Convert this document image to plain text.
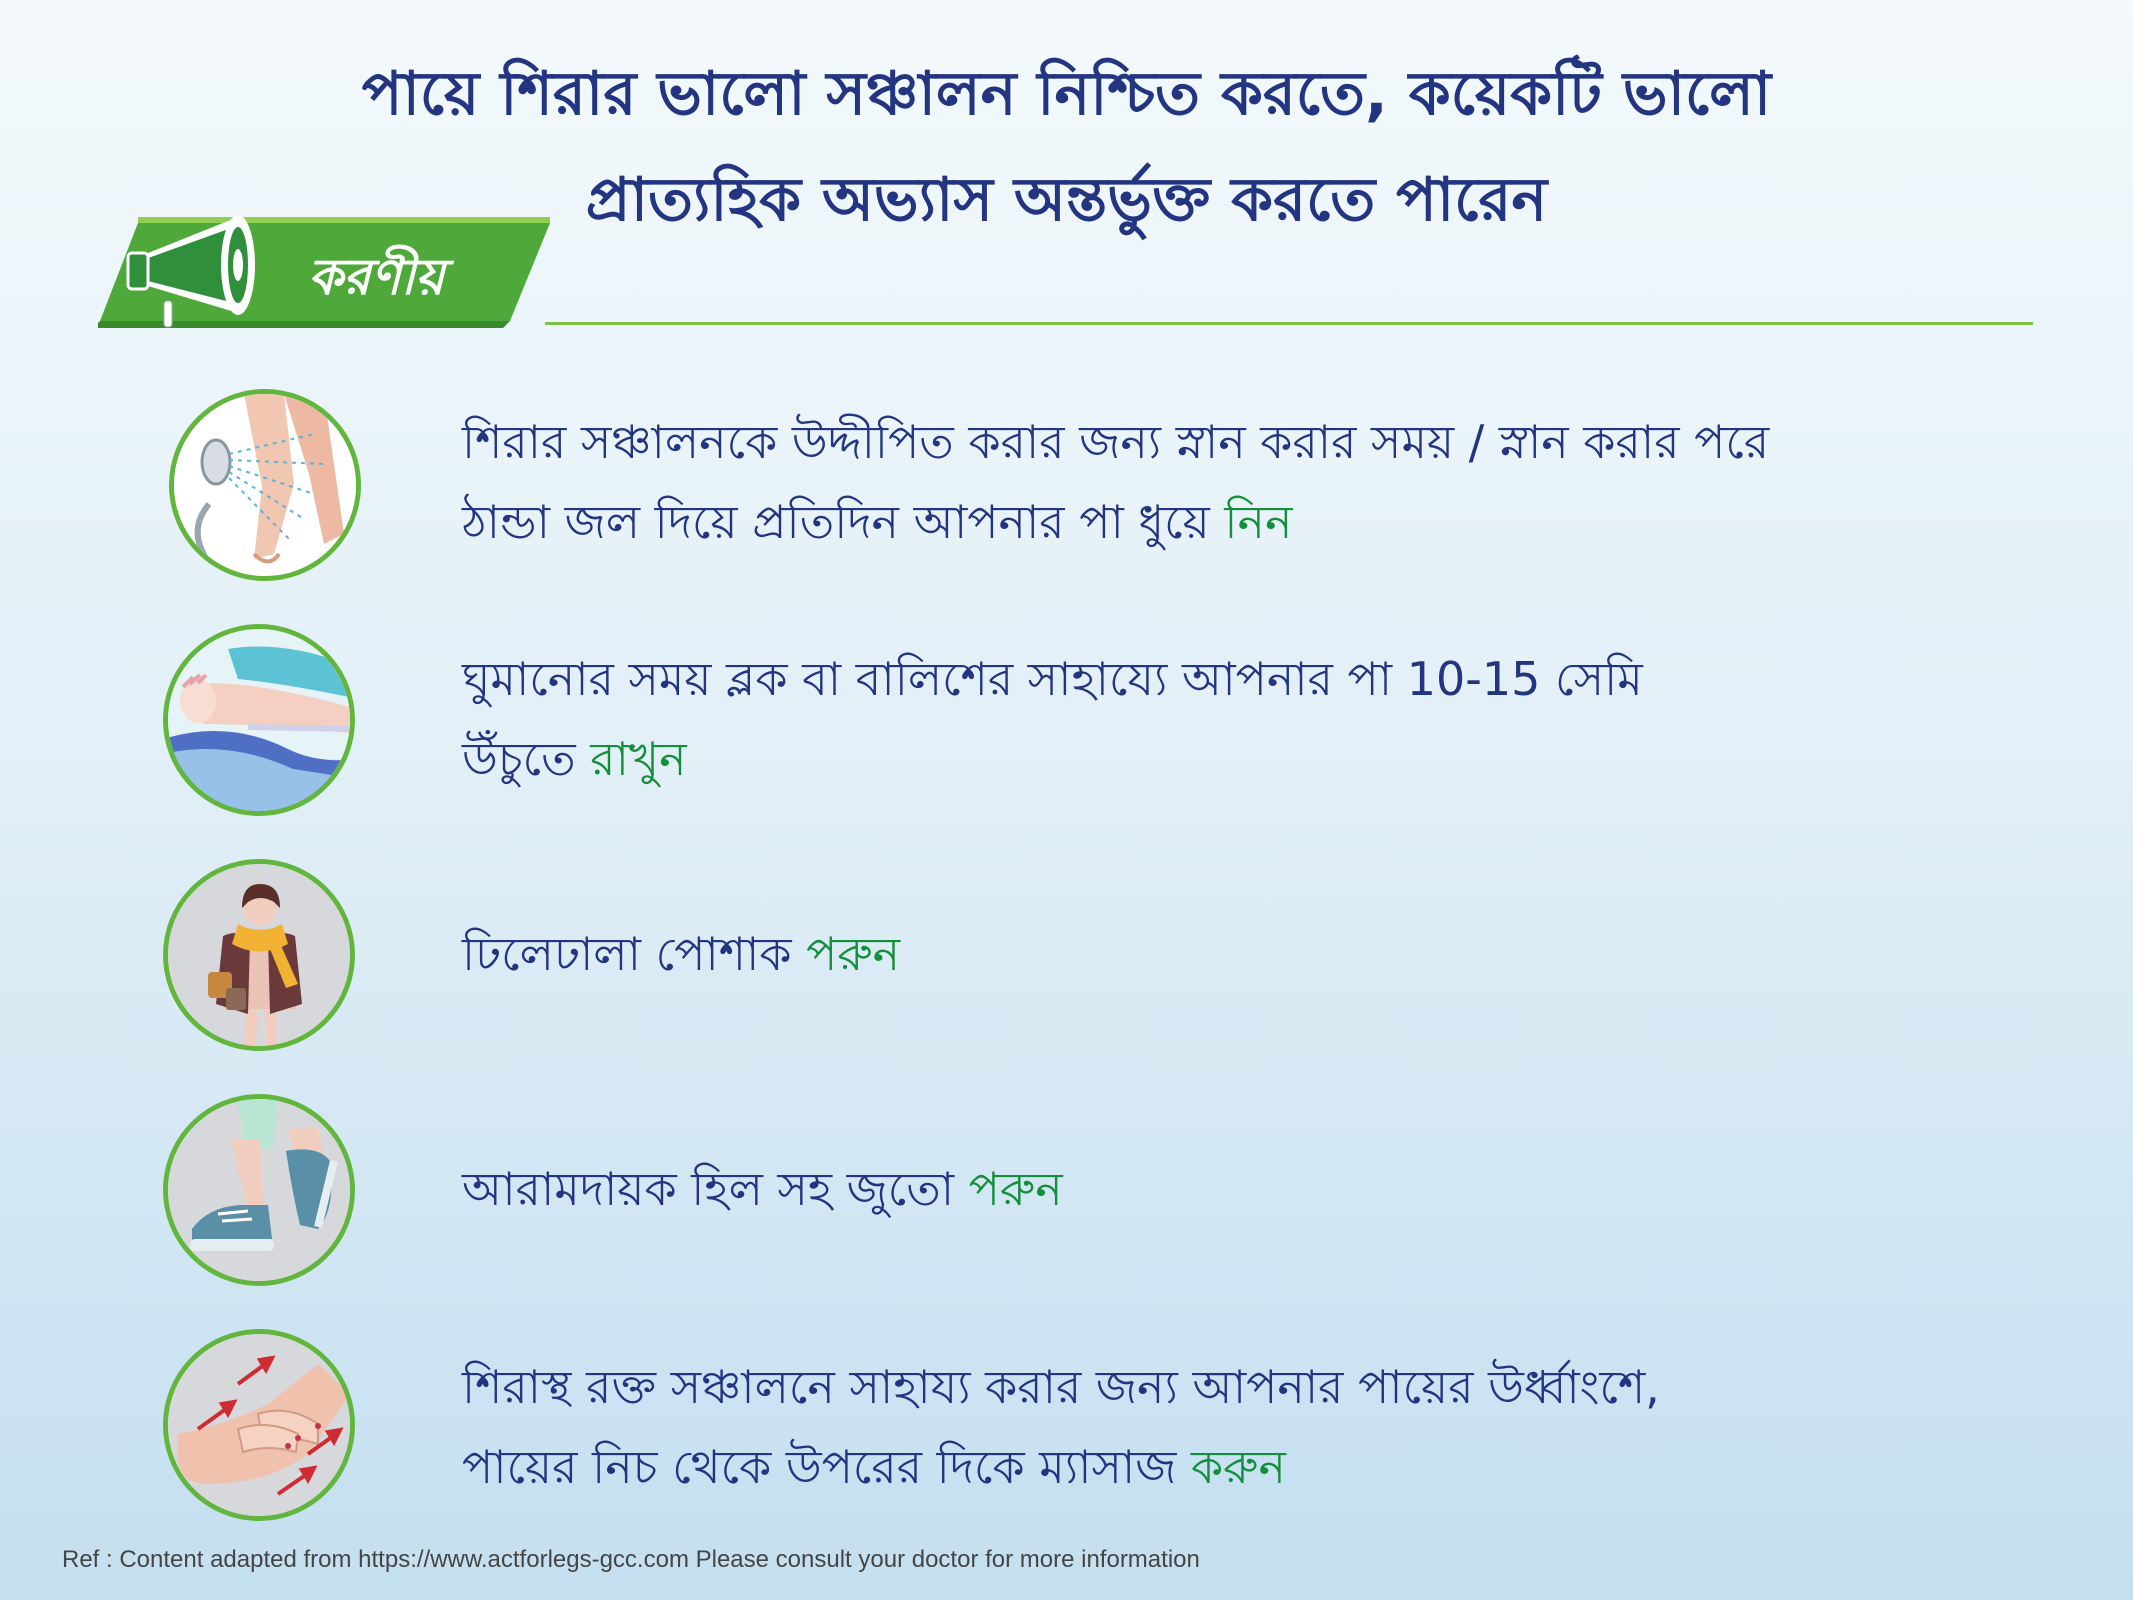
পায়ে শিরার ভালো সঞ্চালন নিশ্চিত করতে, কয়েকটি ভালো
প্রাত্যহিক অভ্যাস অন্তর্ভুক্ত করতে পারেন
করণীয়
শিরার সঞ্চালনকে উদ্দীপিত করার জন্য স্নান করার সময় / স্নান করার পরে
ঠান্ডা জল দিয়ে প্রতিদিন আপনার পা ধুয়ে নিন
ঘুমানোর সময় ব্লক বা বালিশের সাহায্যে আপনার পা 10-15 সেমি
উঁচুতে রাখুন
ঢিলেঢালা পোশাক পরুন
আরামদায়ক হিল সহ জুতো পরুন
শিরাস্থ রক্ত সঞ্চালনে সাহায্য করার জন্য আপনার পায়ের উর্ধ্বাংশে,
পায়ের নিচ থেকে উপরের দিকে ম্যাসাজ করুন
Ref : Content adapted from https://www.actforlegs-gcc.com Please consult your doctor for more information
